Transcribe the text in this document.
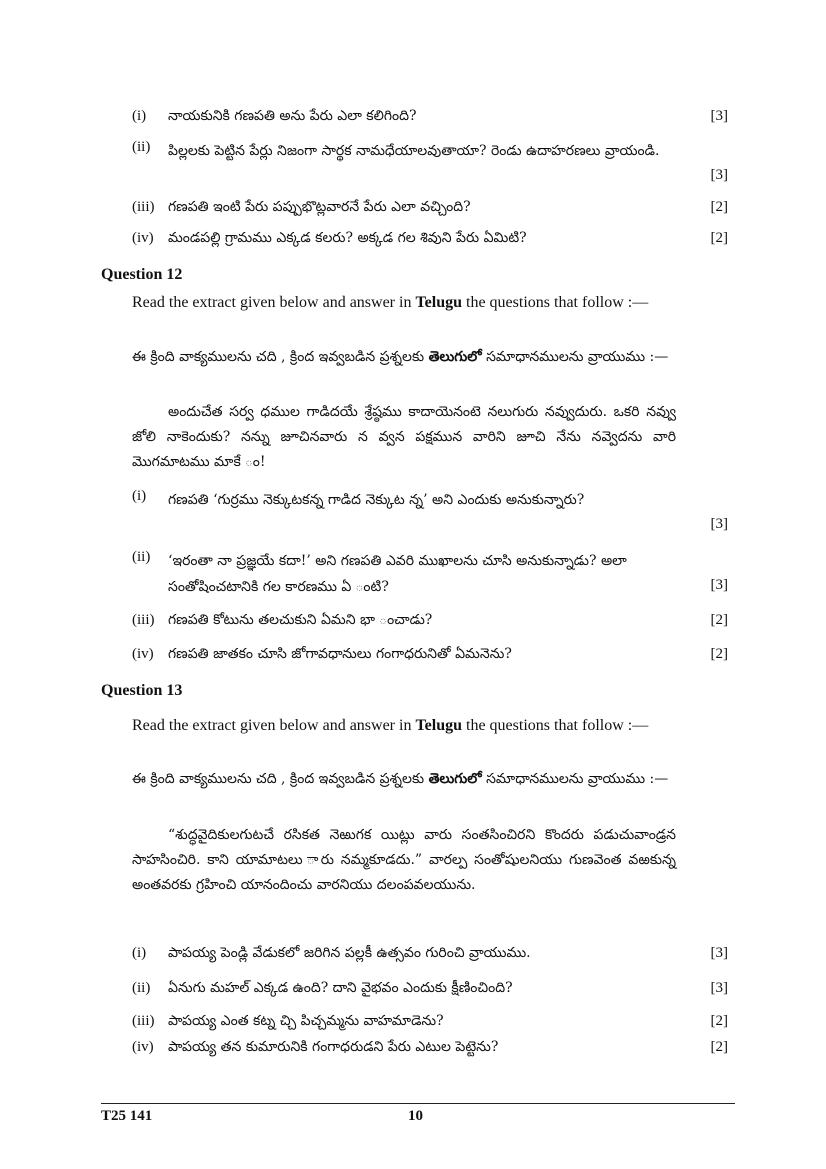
(i) నాయకునికి గణపతి అను పేరు ఎలా కలిగింది?	[3]
(ii) పిల్లలకు పెట్టిన పేర్లు నిజంగా సార్థక నామధేయాలవుతాయా? రెండు ఉదాహరణలు వ్రాయండి.
[3]
(iii) గణపతి ఇంటి పేరు పప్పుభొట్లవారనే పేరు ఎలా వచ్చింది?	[2]
(iv) మండపల్లి గ్రామము ఎక్కడ కలరు? అక్కడ గల శివుని పేరు ఏమిటి?	[2]
Question 12
Read the extract given below and answer in Telugu the questions that follow :—
ఈ క్రింది వాక్యములను చది , క్రింద ఇవ్వబడిన ప్రశ్నలకు తెలుగులో సమాధానములను వ్రాయుము :—
అందుచేత సర్వ ధముల గాడిదయే శ్రేష్ఠము కాదాయెనంటె నలుగురు నవ్వుదురు. ఒకరి నవ్వు జోలి నాకెందుకు? నన్ను జూచినవారు న వ్వన పక్షమున వారిని జూచి నేను నవ్వెదను వారి మొగమాటము మాకే ం!
(i) గణపతి ‘గుర్రము నెక్కుటకన్న గాడిద నెక్కుట న్న’ అని ఎందుకు అనుకున్నారు?
[3]
(ii) ‘ఇరంతా నా ప్రజ్ఞయే కదా!’ అని గణపతి ఎవరి ముఖాలను చూసి అనుకున్నాడు? అలా సంతోషించటానికి గల కారణము ఏ ంటి?	[3]
(iii) గణపతి కోటును తలచుకుని ఏమని భా ంచాడు?	[2]
(iv) గణపతి జాతకం చూసి జోగావధానులు గంగాధరునితో ఏమనెను?	[2]
Question 13
Read the extract given below and answer in Telugu the questions that follow :—
ఈ క్రింది వాక్యములను చది , క్రింద ఇవ్వబడిన ప్రశ్నలకు తెలుగులో సమాధానములను వ్రాయుము :—
“శుద్ధవైదికులగుటచే రసికత నెఱుగక యిట్లు వారు సంతసించిరని కొందరు పడుచువాండ్రన సాహసించిరి. కాని యామాటలు ారు నమ్మకూడదు.” వారల్ప సంతోషులనియు గుణవెంత వఱకున్న అంతవరకు గ్రహించి యానందించు వారనియు దలంపవలయును.
(i) పాపయ్య పెండ్లి వేడుకలో జరిగిన పల్లకీ ఉత్సవం గురించి వ్రాయుము.	[3]
(ii) ఏనుగు మహల్ ఎక్కడ ఉంది? దాని వైభవం ఎందుకు క్షీణించింది?	[3]
(iii) పాపయ్య ఎంత కట్న చ్చి పిచ్చమ్మను వాహమాడెను?	[2]
(iv) పాపయ్య తన కుమారునికి గంగాధరుడని పేరు ఎటుల పెట్టెను?	[2]
T25 141	10
